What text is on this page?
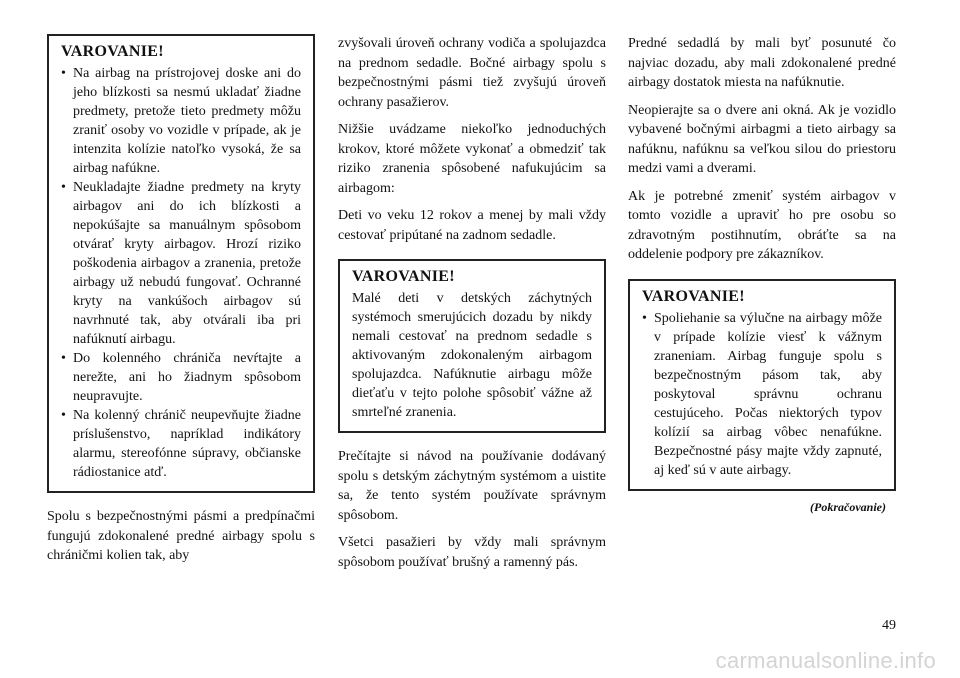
VAROVANIE!
• Na airbag na prístrojovej doske ani do jeho blízkosti sa nesmú ukladať žiadne predmety, pretože tieto predmety môžu zraniť osoby vo vozidle v prípade, ak je intenzita kolízie natoľko vysoká, že sa airbag nafúkne.
• Neukladajte žiadne predmety na kryty airbagov ani do ich blízkosti a nepokúšajte sa manuálnym spôsobom otvárať kryty airbagov. Hrozí riziko poškodenia airbagov a zranenia, pretože airbagy už nebudú fungovať. Ochranné kryty na vankúšoch airbagov sú navrhnuté tak, aby otvárali iba pri nafúknutí airbagu.
• Do kolenného chrániča nevŕtajte a nerežte, ani ho žiadnym spôsobom neupravujte.
• Na kolenný chránič neupevňujte žiadne príslušenstvo, napríklad indikátory alarmu, stereofónne súpravy, občianske rádiostanice atď.

Spolu s bezpečnostnými pásmi a predpínačmi fungujú zdokonalené predné airbagy spolu s chráničmi kolien tak, aby

zvyšovali úroveň ochrany vodiča a spolujazdca na prednom sedadle. Bočné airbagy spolu s bezpečnostnými pásmi tiež zvyšujú úroveň ochrany pasažierov.

Nižšie uvádzame niekoľko jednoduchých krokov, ktoré môžete vykonať a obmedziť tak riziko zranenia spôsobené nafukujúcim sa airbagom:

Deti vo veku 12 rokov a menej by mali vždy cestovať pripútané na zadnom sedadle.

VAROVANIE!

Malé deti v detských záchytných systémoch smerujúcich dozadu by nikdy nemali cestovať na prednom sedadle s aktivovaným zdokonaleným airbagom spolujazdca. Nafúknutie airbagu môže dieťaťu v tejto polohe spôsobiť vážne až smrteľné zranenia.

Prečítajte si návod na používanie dodávaný spolu s detským záchytným systémom a uistite sa, že tento systém používate správnym spôsobom.

Všetci pasažieri by vždy mali správnym spôsobom používať brušný a ramenný pás.

Predné sedadlá by mali byť posunuté čo najviac dozadu, aby mali zdokonalené predné airbagy dostatok miesta na nafúknutie.

Neopierajte sa o dvere ani okná. Ak je vozidlo vybavené bočnými airbagmi a tieto airbagy sa nafúknu, nafúknu sa veľkou silou do priestoru medzi vami a dverami.

Ak je potrebné zmeniť systém airbagov v tomto vozidle a upraviť ho pre osobu so zdravotným postihnutím, obráťte sa na oddelenie podpory pre zákazníkov.

VAROVANIE!
• Spoliehanie sa výlučne na airbagy môže v prípade kolízie viesť k vážnym zraneniam. Airbag funguje spolu s bezpečnostným pásom tak, aby poskytoval správnu ochranu cestujúceho. Počas niektorých typov kolízií sa airbag vôbec nenafúkne. Bezpečnostné pásy majte vždy zapnuté, aj keď sú v aute airbagy.
(Pokračovanie)
49
carmanualsonline.info
